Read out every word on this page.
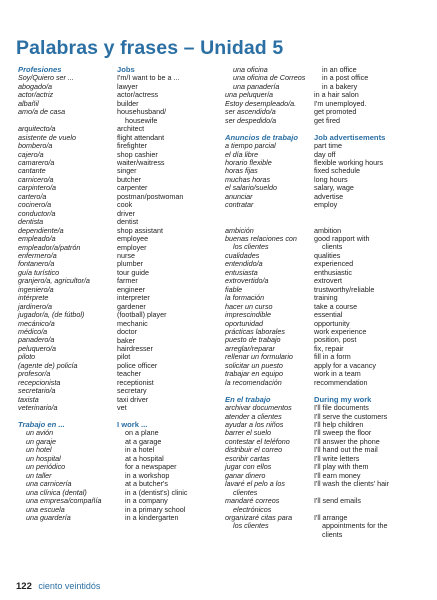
Palabras y frases – Unidad 5
Profesiones
Soy/Quiero ser ...
abogado/a
actor/actriz
albañil
amo/a de casa
arquitecto/a
asistente de vuelo
bombero/a
cajero/a
camarero/a
cantante
carnicero/a
carpintero/a
cartero/a
cocinero/a
conductor/a
dentista
dependiente/a
empleado/a
empleador/a/patrón
enfermero/a
fontanero/a
guía turístico
granjero/a, agricultor/a
ingeniero/a
intérprete
jardinero/a
jugador/a, (de fútbol)
mecánico/a
médico/a
panadero/a
peluquero/a
piloto
(agente de) policía
profesor/a
recepcionista
secretario/a
taxista
veterinario/a
Trabajo en ...
un avión
un garaje
un hotel
un hospital
un periódico
un taller
una carnicería
una clínica (dental)
una empresa/compañía
una escuela
una guardería
Jobs
I'm/I want to be a ...
lawyer
actor/actress
builder
househusband/
housewife
architect
flight attendant
firefighter
shop cashier
waiter/waitress
singer
butcher
carpenter
postman/postwoman
cook
driver
dentist
shop assistant
employee
employer
nurse
plumber
tour guide
farmer
engineer
interpreter
gardener
(football) player
mechanic
doctor
baker
hairdresser
pilot
police officer
teacher
receptionist
secretary
taxi driver
vet
I work ...
on a plane
at a garage
in a hotel
at a hospital
for a newspaper
in a workshop
at a butcher's
in a (dentist's) clinic
in a company
in a primary school
in a kindergarten
una oficina
una oficina de Correos
una panadería
una peluquería
Estoy desempleado/a.
ser ascendido/a
ser despedido/a
Anuncios de trabajo
a tiempo parcial
el día libre
horario flexible
horas fijas
muchas horas
el salario/sueldo
anunciar
contratar
ambición
buenas relaciones con
los clientes
cualidades
entendido/a
entusiasta
extrovertido/a
fiable
la formación
hacer un curso
imprescindible
oportunidad
prácticas laborales
puesto de trabajo
arreglar/reparar
rellenar un formulario
solicitar un puesto
trabajar en equipo
la recomendación
En el trabajo
archivar documentos
atender a clientes
ayudar a los niños
barrer el suelo
contestar el teléfono
distribuir el correo
escribir cartas
jugar con ellos
ganar dinero
lavaré el pelo a los
clientes
mandaré correos
electrónicos
organizaré citas para
los clientes
in an office
in a post office
in a bakery
in a hair salon
I'm unemployed.
get promoted
get fired
Job advertisements
part time
day off
flexible working hours
fixed schedule
long hours
salary, wage
advertise
employ
ambition
good rapport with
clients
qualities
experienced
enthusiastic
extrovert
trustworthy/reliable
training
take a course
essential
opportunity
work experience
position, post
fix, repair
fill in a form
apply for a vacancy
work in a team
recommendation
During my work
I'll file documents
I'll serve the customers
I'll help children
I'll sweep the floor
I'll answer the phone
I'll hand out the mail
I'll write letters
I'll play with them
I'll earn money
I'll wash the clients' hair
I'll send emails
I'll arrange
appointments for the
clients
122 ciento veintidós
